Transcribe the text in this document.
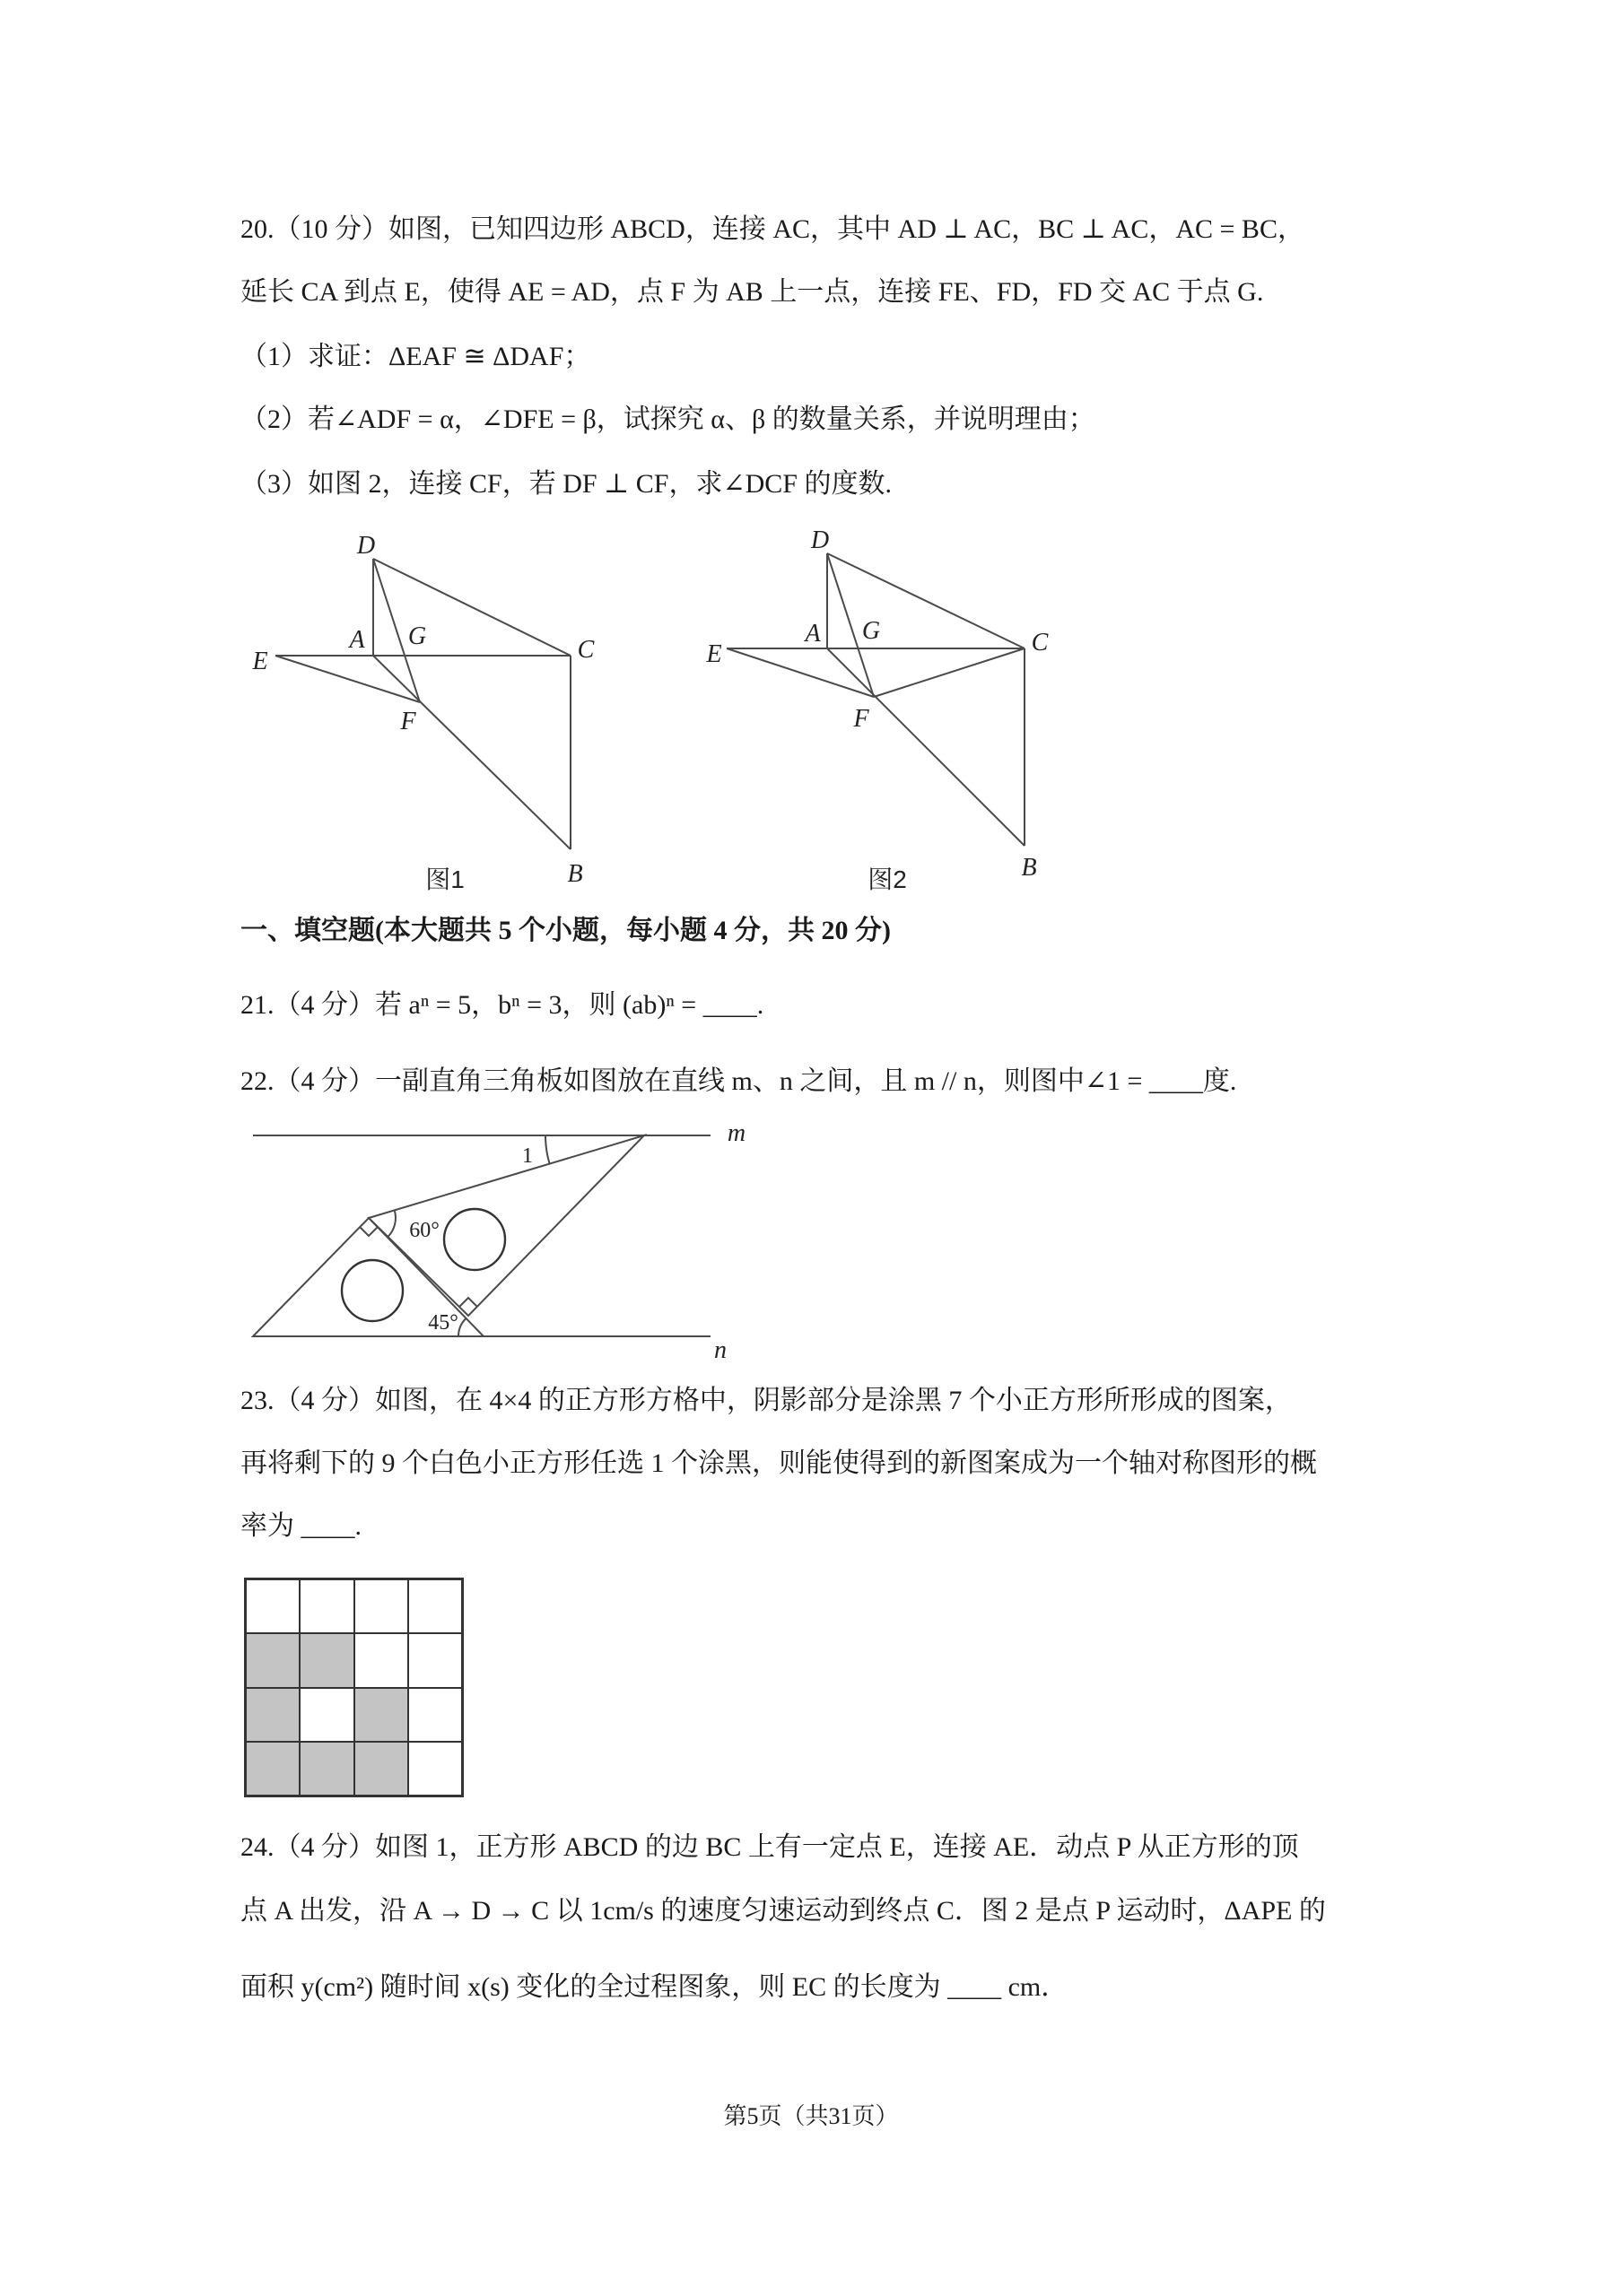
20.（10 分）如图，已知四边形 ABCD，连接 AC，其中 AD ⊥ AC，BC ⊥ AC，AC = BC，
延长 CA 到点 E，使得 AE = AD，点 F 为 AB 上一点，连接 FE、FD，FD 交 AC 于点 G.
（1）求证：ΔEAF ≅ ΔDAF；
（2）若∠ADF = α，∠DFE = β，试探究 α、β 的数量关系，并说明理由；
（3）如图 2，连接 CF，若 DF ⊥ CF，求∠DCF 的度数.
D
A G
E	C
F
B
图1
D
A G
E	C
F
B
图2
一、填空题(本大题共 5 个小题，每小题 4 分，共 20 分)
21.（4 分）若 aⁿ = 5，bⁿ = 3，则 (ab)ⁿ = ____.
22.（4 分）一副直角三角板如图放在直线 m、n 之间，且 m // n，则图中∠1 = ____度.
1
60°
45°
m
n
23.（4 分）如图，在 4×4 的正方形方格中，阴影部分是涂黑 7 个小正方形所形成的图案，
再将剩下的 9 个白色小正方形任选 1 个涂黑，则能使得到的新图案成为一个轴对称图形的概
率为 ____.
24.（4 分）如图 1，正方形 ABCD 的边 BC 上有一定点 E，连接 AE．动点 P 从正方形的顶
点 A 出发，沿 A → D → C 以 1cm/s 的速度匀速运动到终点 C．图 2 是点 P 运动时，ΔAPE 的
面积 y(cm²) 随时间 x(s) 变化的全过程图象，则 EC 的长度为 ____ cm．
第5页（共31页）
